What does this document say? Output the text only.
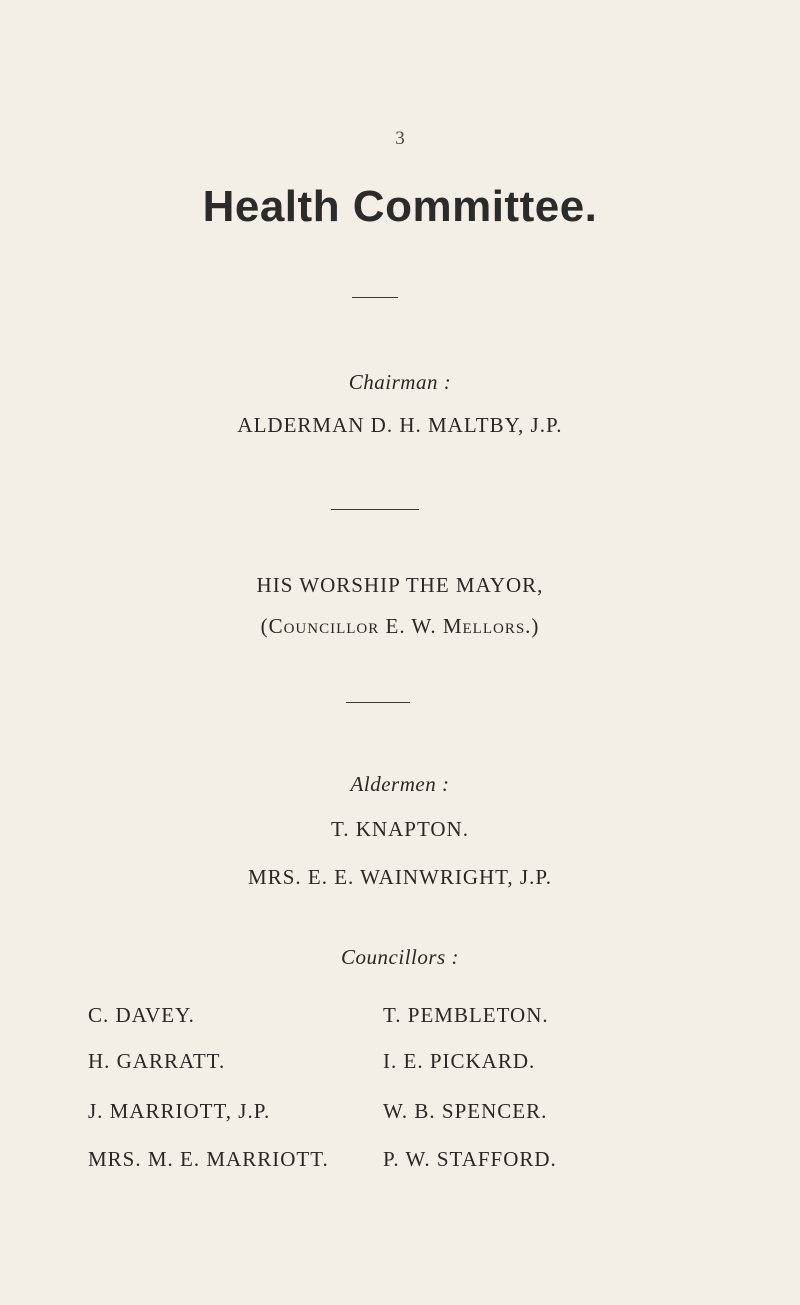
3
Health Committee.
Chairman :
ALDERMAN D. H. MALTBY, J.P.
HIS WORSHIP THE MAYOR,
(Councillor E. W. Mellors.)
Aldermen :
T. KNAPTON.
MRS. E. E. WAINWRIGHT, J.P.
Councillors :
C. DAVEY.
H. GARRATT.
J. MARRIOTT, J.P.
MRS. M. E. MARRIOTT.
T. PEMBLETON.
I. E. PICKARD.
W. B. SPENCER.
P. W. STAFFORD.
